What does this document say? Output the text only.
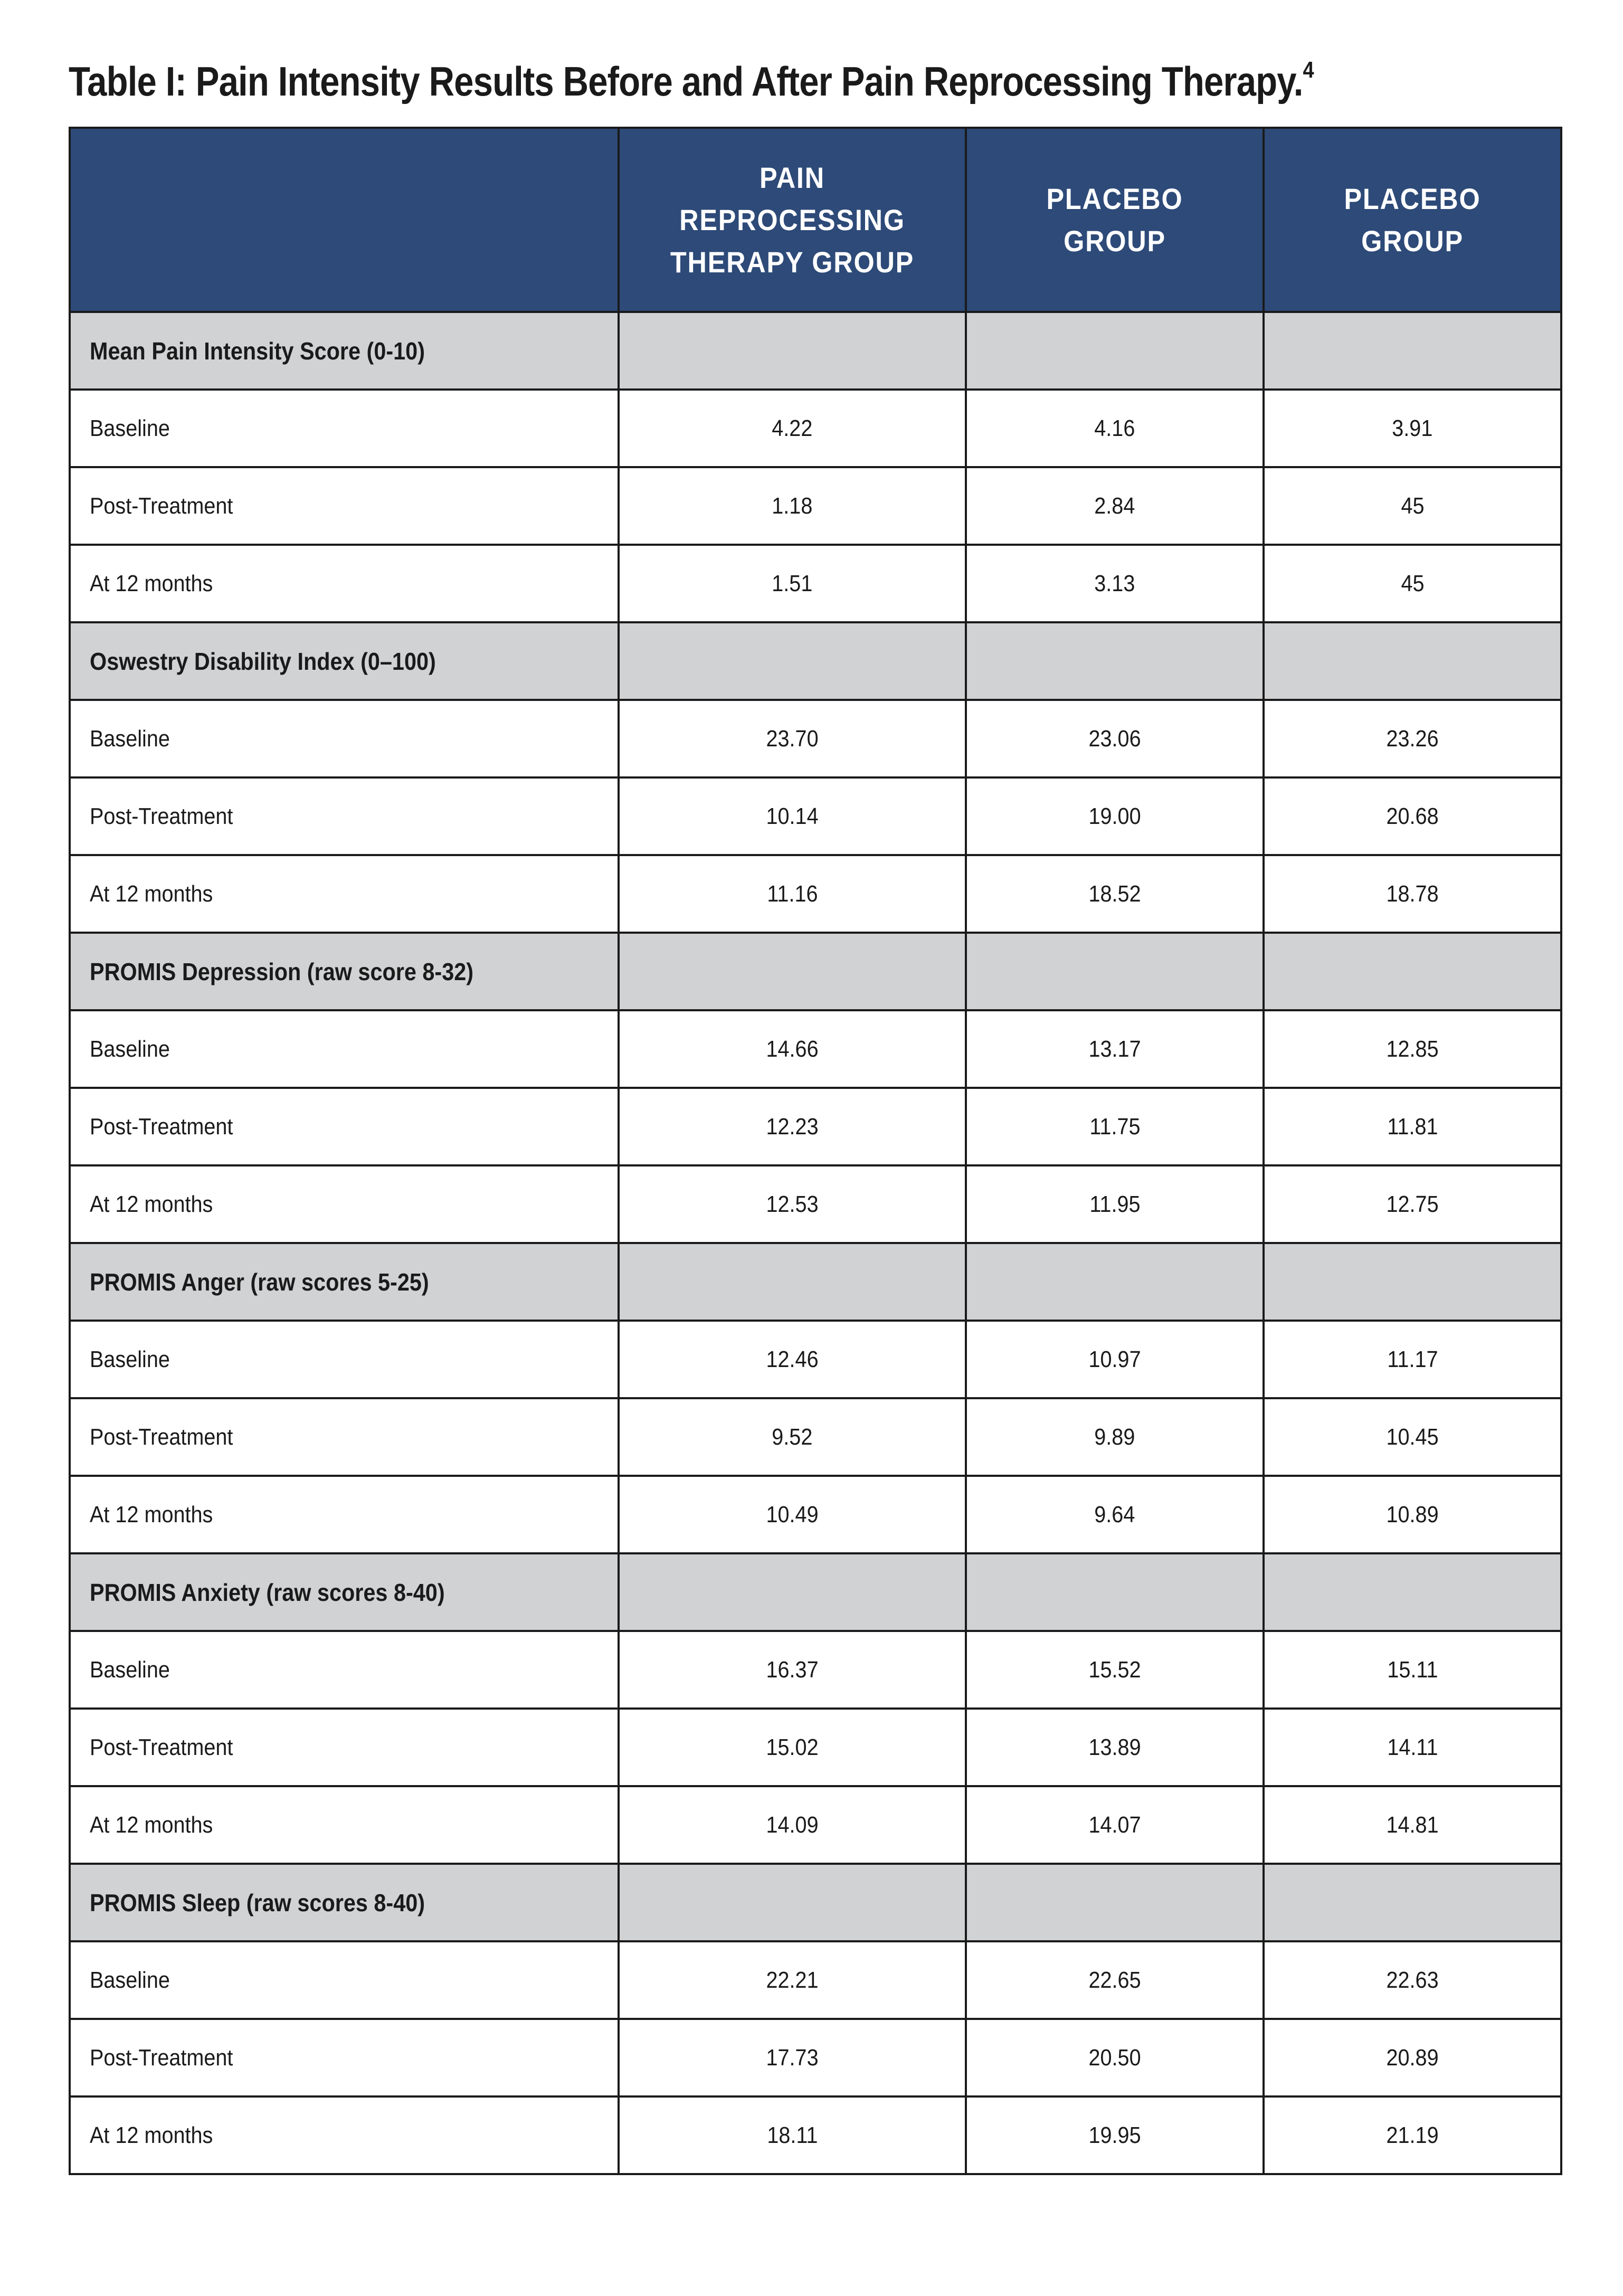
Table I: Pain Intensity Results Before and After Pain Reprocessing Therapy.$^4$
	PAIN REPROCESSING THERAPY GROUP	PLACEBO GROUP	PLACEBO GROUP
Mean Pain Intensity Score (0-10)			
Baseline	4.22	4.16	3.91
Post-Treatment	1.18	2.84	45
At 12 months	1.51	3.13	45
Oswestry Disability Index (0–100)			
Baseline	23.70	23.06	23.26
Post-Treatment	10.14	19.00	20.68
At 12 months	11.16	18.52	18.78
PROMIS Depression (raw score 8-32)			
Baseline	14.66	13.17	12.85
Post-Treatment	12.23	11.75	11.81
At 12 months	12.53	11.95	12.75
PROMIS Anger (raw scores 5-25)			
Baseline	12.46	10.97	11.17
Post-Treatment	9.52	9.89	10.45
At 12 months	10.49	9.64	10.89
PROMIS Anxiety (raw scores 8-40)			
Baseline	16.37	15.52	15.11
Post-Treatment	15.02	13.89	14.11
At 12 months	14.09	14.07	14.81
PROMIS Sleep (raw scores 8-40)			
Baseline	22.21	22.65	22.63
Post-Treatment	17.73	20.50	20.89
At 12 months	18.11	19.95	21.19
